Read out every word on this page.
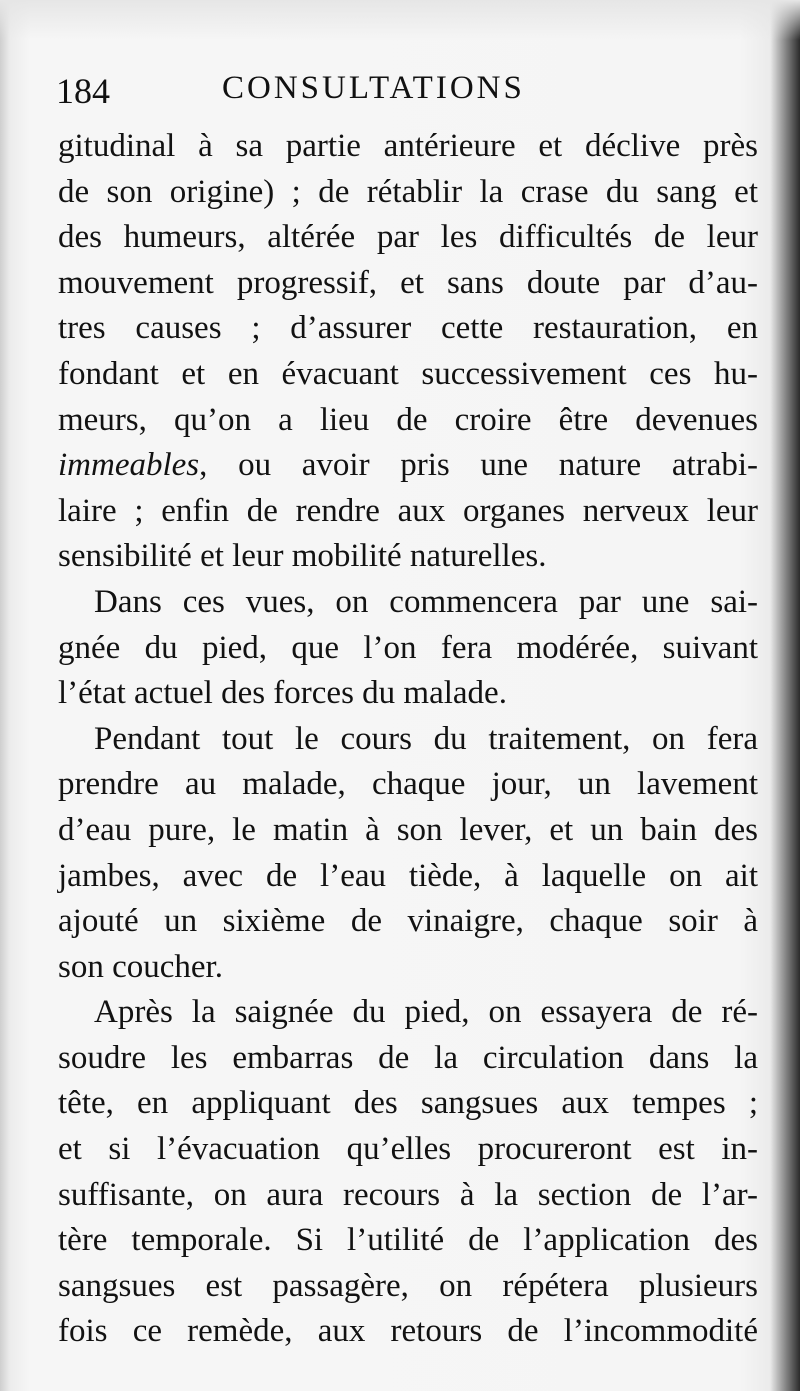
184	CONSULTATIONS

gitudinal à sa partie antérieure et déclive près
de son origine) ; de rétablir la crase du sang et
des humeurs, altérée par les difficultés de leur
mouvement progressif, et sans doute par d’au-
tres causes ; d’assurer cette restauration, en
fondant et en évacuant successivement ces hu-
meurs, qu’on a lieu de croire être devenues
immeables, ou avoir pris une nature atrabi-
laire ; enfin de rendre aux organes nerveux leur
sensibilité et leur mobilité naturelles.

Dans ces vues, on commencera par une sai-
gnée du pied, que l’on fera modérée, suivant
l’état actuel des forces du malade.

Pendant tout le cours du traitement, on fera
prendre au malade, chaque jour, un lavement
d’eau pure, le matin à son lever, et un bain des
jambes, avec de l’eau tiède, à laquelle on ait
ajouté un sixième de vinaigre, chaque soir à
son coucher.

Après la saignée du pied, on essayera de ré-
soudre les embarras de la circulation dans la
tête, en appliquant des sangsues aux tempes ;
et si l’évacuation qu’elles procureront est in-
suffisante, on aura recours à la section de l’ar-
tère temporale. Si l’utilité de l’application des
sangsues est passagère, on répétera plusieurs
fois ce remède, aux retours de l’incommodité
